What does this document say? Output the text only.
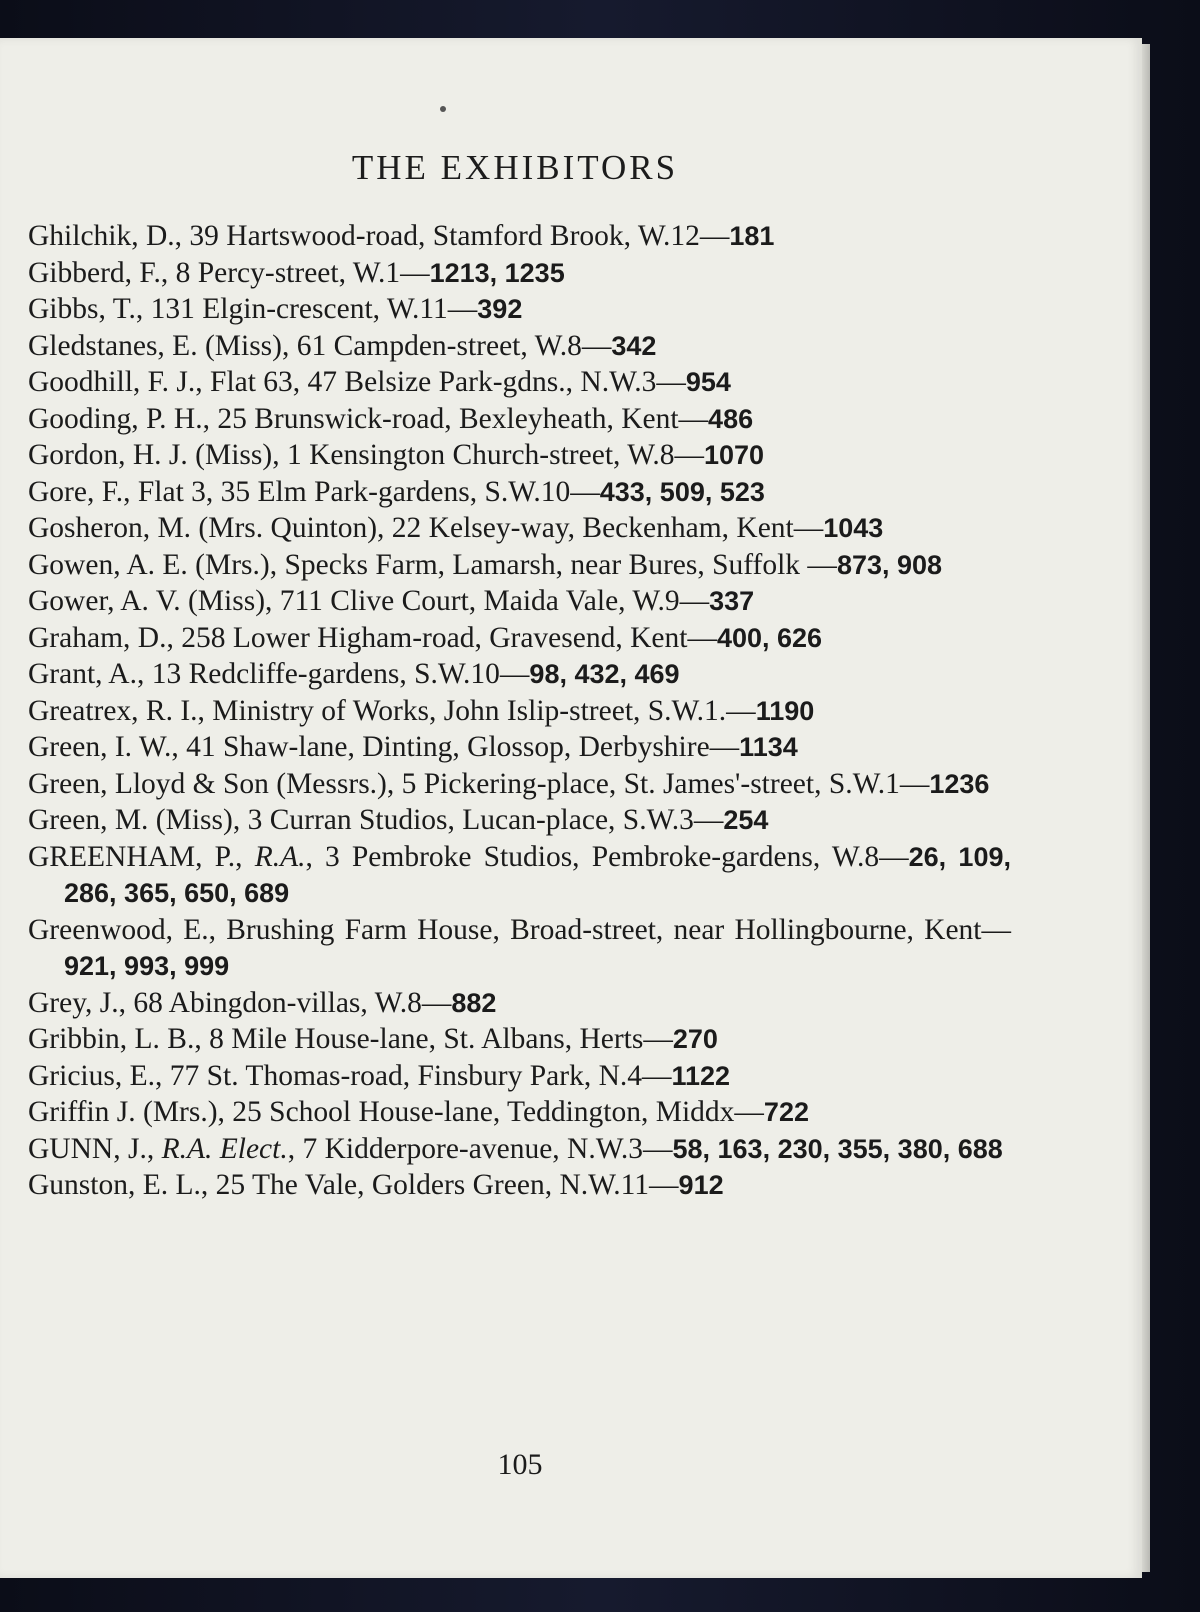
THE EXHIBITORS
Ghilchik, D., 39 Hartswood-road, Stamford Brook, W.12—181
Gibberd, F., 8 Percy-street, W.1—1213, 1235
Gibbs, T., 131 Elgin-crescent, W.11—392
Gledstanes, E. (Miss), 61 Campden-street, W.8—342
Goodhill, F. J., Flat 63, 47 Belsize Park-gdns., N.W.3—954
Gooding, P. H., 25 Brunswick-road, Bexleyheath, Kent—486
Gordon, H. J. (Miss), 1 Kensington Church-street, W.8—1070
Gore, F., Flat 3, 35 Elm Park-gardens, S.W.10—433, 509, 523
Gosheron, M. (Mrs. Quinton), 22 Kelsey-way, Beckenham, Kent—1043
Gowen, A. E. (Mrs.), Specks Farm, Lamarsh, near Bures, Suffolk —873, 908
Gower, A. V. (Miss), 711 Clive Court, Maida Vale, W.9—337
Graham, D., 258 Lower Higham-road, Gravesend, Kent—400, 626
Grant, A., 13 Redcliffe-gardens, S.W.10—98, 432, 469
Greatrex, R. I., Ministry of Works, John Islip-street, S.W.1.—1190
Green, I. W., 41 Shaw-lane, Dinting, Glossop, Derbyshire—1134
Green, Lloyd & Son (Messrs.), 5 Pickering-place, St. James'-street, S.W.1—1236
Green, M. (Miss), 3 Curran Studios, Lucan-place, S.W.3—254
GREENHAM, P., R.A., 3 Pembroke Studios, Pembroke-gardens, W.8—26, 109, 286, 365, 650, 689
Greenwood, E., Brushing Farm House, Broad-street, near Hollingbourne, Kent—921, 993, 999
Grey, J., 68 Abingdon-villas, W.8—882
Gribbin, L. B., 8 Mile House-lane, St. Albans, Herts—270
Gricius, E., 77 St. Thomas-road, Finsbury Park, N.4—1122
Griffin J. (Mrs.), 25 School House-lane, Teddington, Middx—722
GUNN, J., R.A. Elect., 7 Kidderpore-avenue, N.W.3—58, 163, 230, 355, 380, 688
Gunston, E. L., 25 The Vale, Golders Green, N.W.11—912
105
